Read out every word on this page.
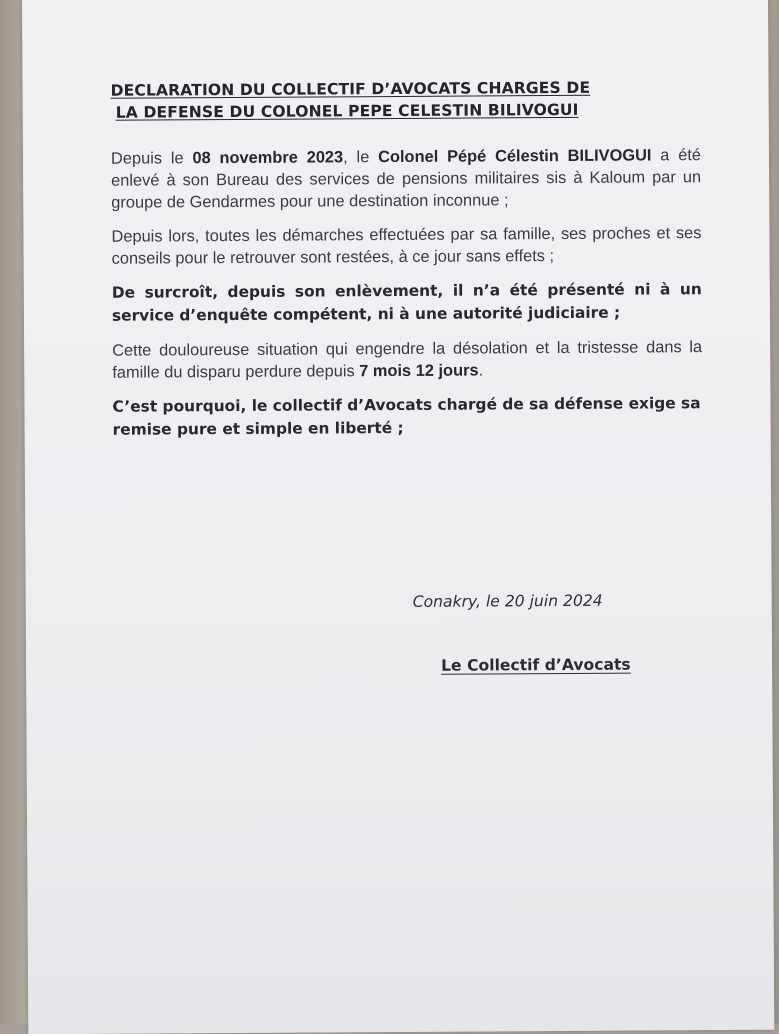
DECLARATION DU COLLECTIF D’AVOCATS CHARGES DE
LA DEFENSE DU COLONEL PEPE CELESTIN BILIVOGUI

Depuis le 08 novembre 2023, le Colonel Pépé Célestin BILIVOGUI a été enlevé à son Bureau des services de pensions militaires sis à Kaloum par un groupe de Gendarmes pour une destination inconnue ;

Depuis lors, toutes les démarches effectuées par sa famille, ses proches et ses conseils pour le retrouver sont restées, à ce jour sans effets ;

De surcroît, depuis son enlèvement, il n’a été présenté ni à un service d’enquête compétent, ni à une autorité judiciaire ;

Cette douloureuse situation qui engendre la désolation et la tristesse dans la famille du disparu perdure depuis 7 mois 12 jours.

C’est pourquoi, le collectif d’Avocats chargé de sa défense exige sa remise pure et simple en liberté ;

Conakry, le 20 juin 2024
Le Collectif d’Avocats
